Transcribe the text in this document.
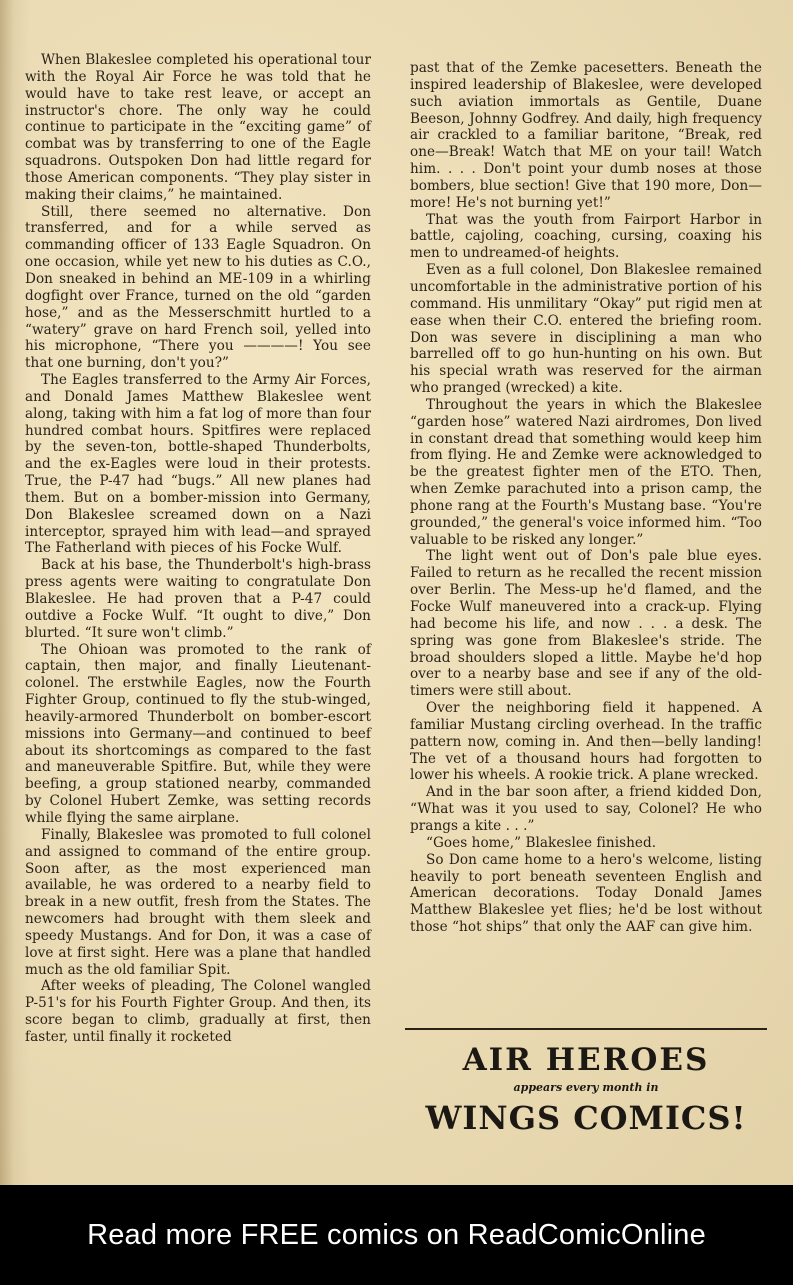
When Blakeslee completed his operational tour with the Royal Air Force he was told that he would have to take rest leave, or accept an instructor's chore. The only way he could continue to participate in the “exciting game” of combat was by transferring to one of the Eagle squadrons. Outspoken Don had little regard for those American components. “They play sister in making their claims,” he maintained.

Still, there seemed no alternative. Don transferred, and for a while served as commanding officer of 133 Eagle Squadron. On one occasion, while yet new to his duties as C.O., Don sneaked in behind an ME-109 in a whirling dogfight over France, turned on the old “garden hose,” and as the Messerschmitt hurtled to a “watery” grave on hard French soil, yelled into his microphone, “There you ————! You see that one burning, don't you?”

The Eagles transferred to the Army Air Forces, and Donald James Matthew Blakeslee went along, taking with him a fat log of more than four hundred combat hours. Spitfires were replaced by the seven-ton, bottle-shaped Thunderbolts, and the ex-Eagles were loud in their protests. True, the P-47 had “bugs.” All new planes had them. But on a bomber-mission into Germany, Don Blakeslee screamed down on a Nazi interceptor, sprayed him with lead—and sprayed The Fatherland with pieces of his Focke Wulf.

Back at his base, the Thunderbolt's high-brass press agents were waiting to congratulate Don Blakeslee. He had proven that a P-47 could outdive a Focke Wulf. “It ought to dive,” Don blurted. “It sure won't climb.”

The Ohioan was promoted to the rank of captain, then major, and finally Lieutenant-colonel. The erstwhile Eagles, now the Fourth Fighter Group, continued to fly the stub-winged, heavily-armored Thunderbolt on bomber-escort missions into Germany—and continued to beef about its shortcomings as compared to the fast and maneuverable Spitfire. But, while they were beefing, a group stationed nearby, commanded by Colonel Hubert Zemke, was setting records while flying the same airplane.

Finally, Blakeslee was promoted to full colonel and assigned to command of the entire group. Soon after, as the most experienced man available, he was ordered to a nearby field to break in a new outfit, fresh from the States. The newcomers had brought with them sleek and speedy Mustangs. And for Don, it was a case of love at first sight. Here was a plane that handled much as the old familiar Spit.

After weeks of pleading, The Colonel wangled P-51's for his Fourth Fighter Group. And then, its score began to climb, gradually at first, then faster, until finally it rocketed

past that of the Zemke pacesetters. Beneath the inspired leadership of Blakeslee, were developed such aviation immortals as Gentile, Duane Beeson, Johnny Godfrey. And daily, high frequency air crackled to a familiar baritone, “Break, red one—Break! Watch that ME on your tail! Watch him. . . . Don't point your dumb noses at those bombers, blue section! Give that 190 more, Don—more! He's not burning yet!”

That was the youth from Fairport Harbor in battle, cajoling, coaching, cursing, coaxing his men to undreamed-of heights.

Even as a full colonel, Don Blakeslee remained uncomfortable in the administrative portion of his command. His unmilitary “Okay” put rigid men at ease when their C.O. entered the briefing room. Don was severe in disciplining a man who barrelled off to go hun-hunting on his own. But his special wrath was reserved for the airman who pranged (wrecked) a kite.

Throughout the years in which the Blakeslee “garden hose” watered Nazi airdromes, Don lived in constant dread that something would keep him from flying. He and Zemke were acknowledged to be the greatest fighter men of the ETO. Then, when Zemke parachuted into a prison camp, the phone rang at the Fourth's Mustang base. “You're grounded,” the general's voice informed him. “Too valuable to be risked any longer.”

The light went out of Don's pale blue eyes. Failed to return as he recalled the recent mission over Berlin. The Mess-up he'd flamed, and the Focke Wulf maneuvered into a crack-up. Flying had become his life, and now . . . a desk. The spring was gone from Blakeslee's stride. The broad shoulders sloped a little. Maybe he'd hop over to a nearby base and see if any of the old-timers were still about.

Over the neighboring field it happened. A familiar Mustang circling overhead. In the traffic pattern now, coming in. And then—belly landing! The vet of a thousand hours had forgotten to lower his wheels. A rookie trick. A plane wrecked.

And in the bar soon after, a friend kidded Don, “What was it you used to say, Colonel? He who prangs a kite . . .”

“Goes home,” Blakeslee finished.

So Don came home to a hero's welcome, listing heavily to port beneath seventeen English and American decorations. Today Donald James Matthew Blakeslee yet flies; he'd be lost without those “hot ships” that only the AAF can give him.

AIR HEROES
appears every month in
WINGS COMICS!
Read more FREE comics on ReadComicOnline
